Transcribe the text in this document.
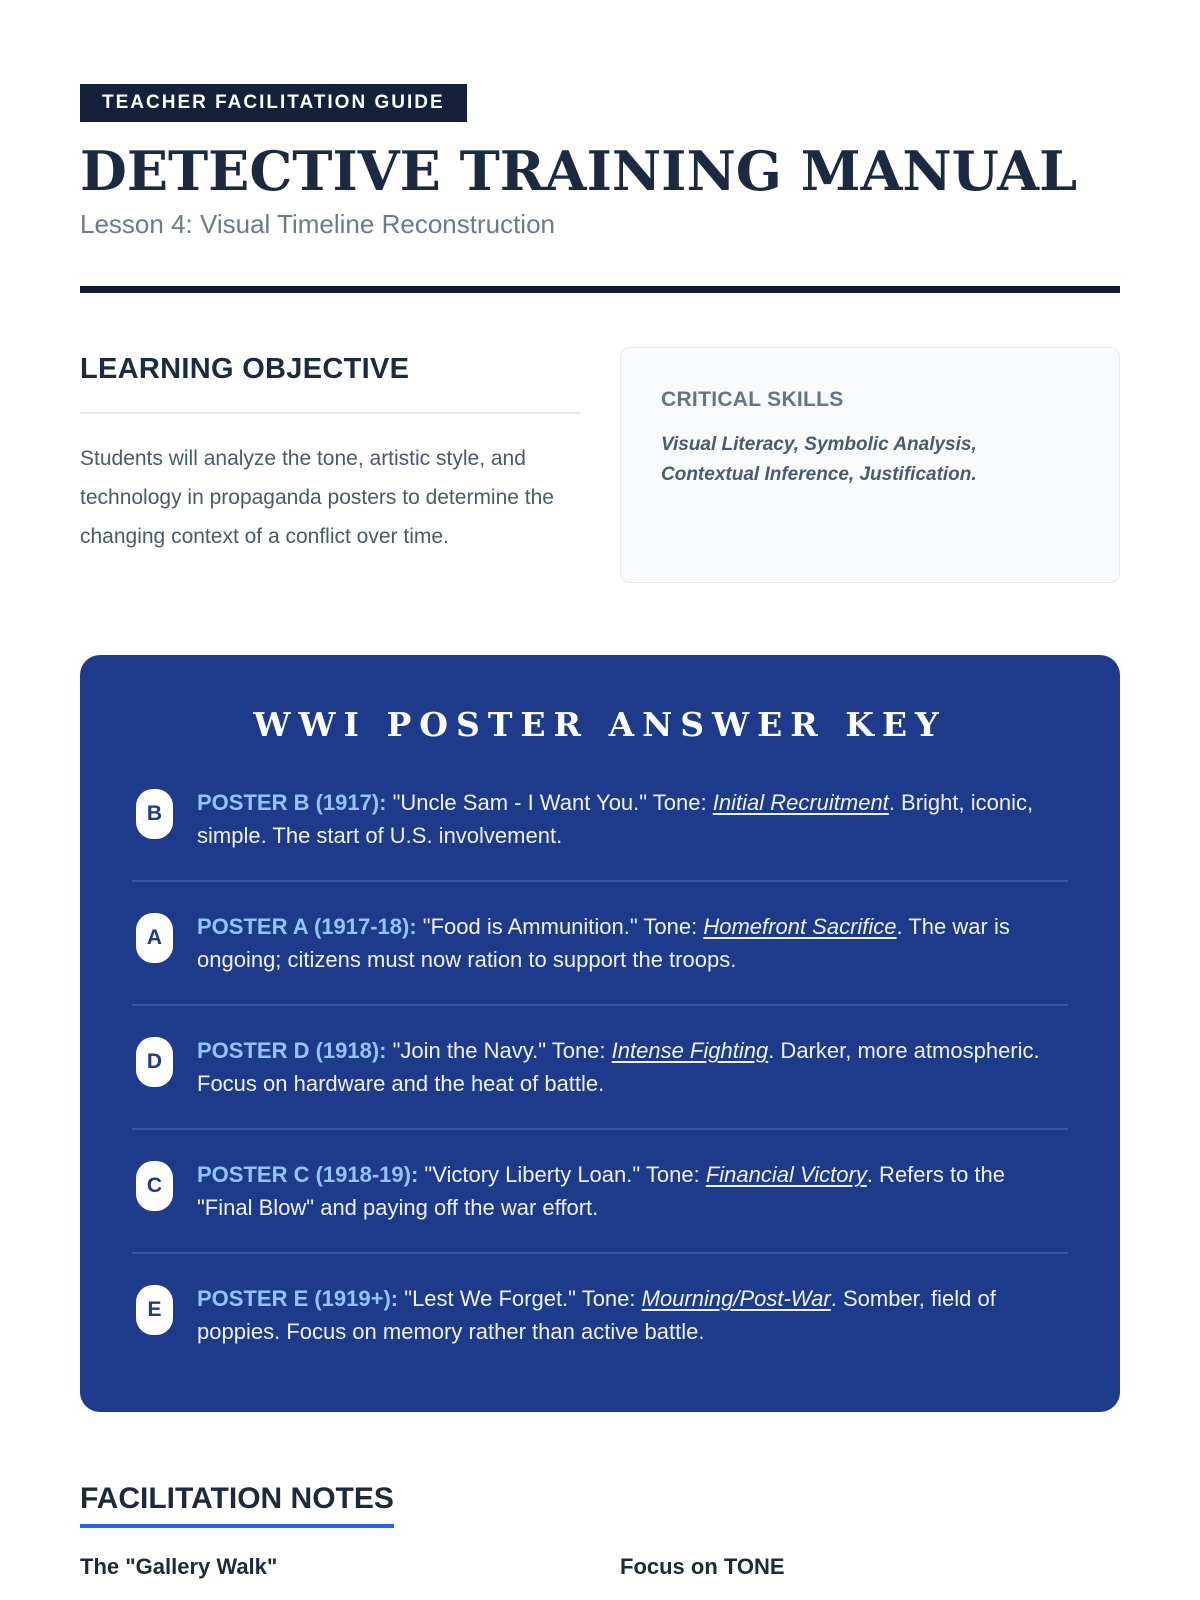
TEACHER FACILITATION GUIDE
DETECTIVE TRAINING MANUAL
Lesson 4: Visual Timeline Reconstruction
LEARNING OBJECTIVE

Students will analyze the tone, artistic style, and technology in propaganda posters to determine the changing context of a conflict over time.

CRITICAL SKILLS
Visual Literacy, Symbolic Analysis, Contextual Inference, Justification.
WWI POSTER ANSWER KEY
B	POSTER B (1917): "Uncle Sam - I Want You." Tone: Initial Recruitment. Bright, iconic, simple. The start of U.S. involvement.
A	POSTER A (1917-18): "Food is Ammunition." Tone: Homefront Sacrifice. The war is ongoing; citizens must now ration to support the troops.
D	POSTER D (1918): "Join the Navy." Tone: Intense Fighting. Darker, more atmospheric. Focus on hardware and the heat of battle.
C	POSTER C (1918-19): "Victory Liberty Loan." Tone: Financial Victory. Refers to the "Final Blow" and paying off the war effort.
E	POSTER E (1919+): "Lest We Forget." Tone: Mourning/Post-War. Somber, field of poppies. Focus on memory rather than active battle.
FACILITATION NOTES
The "Gallery Walk"	Focus on TONE
